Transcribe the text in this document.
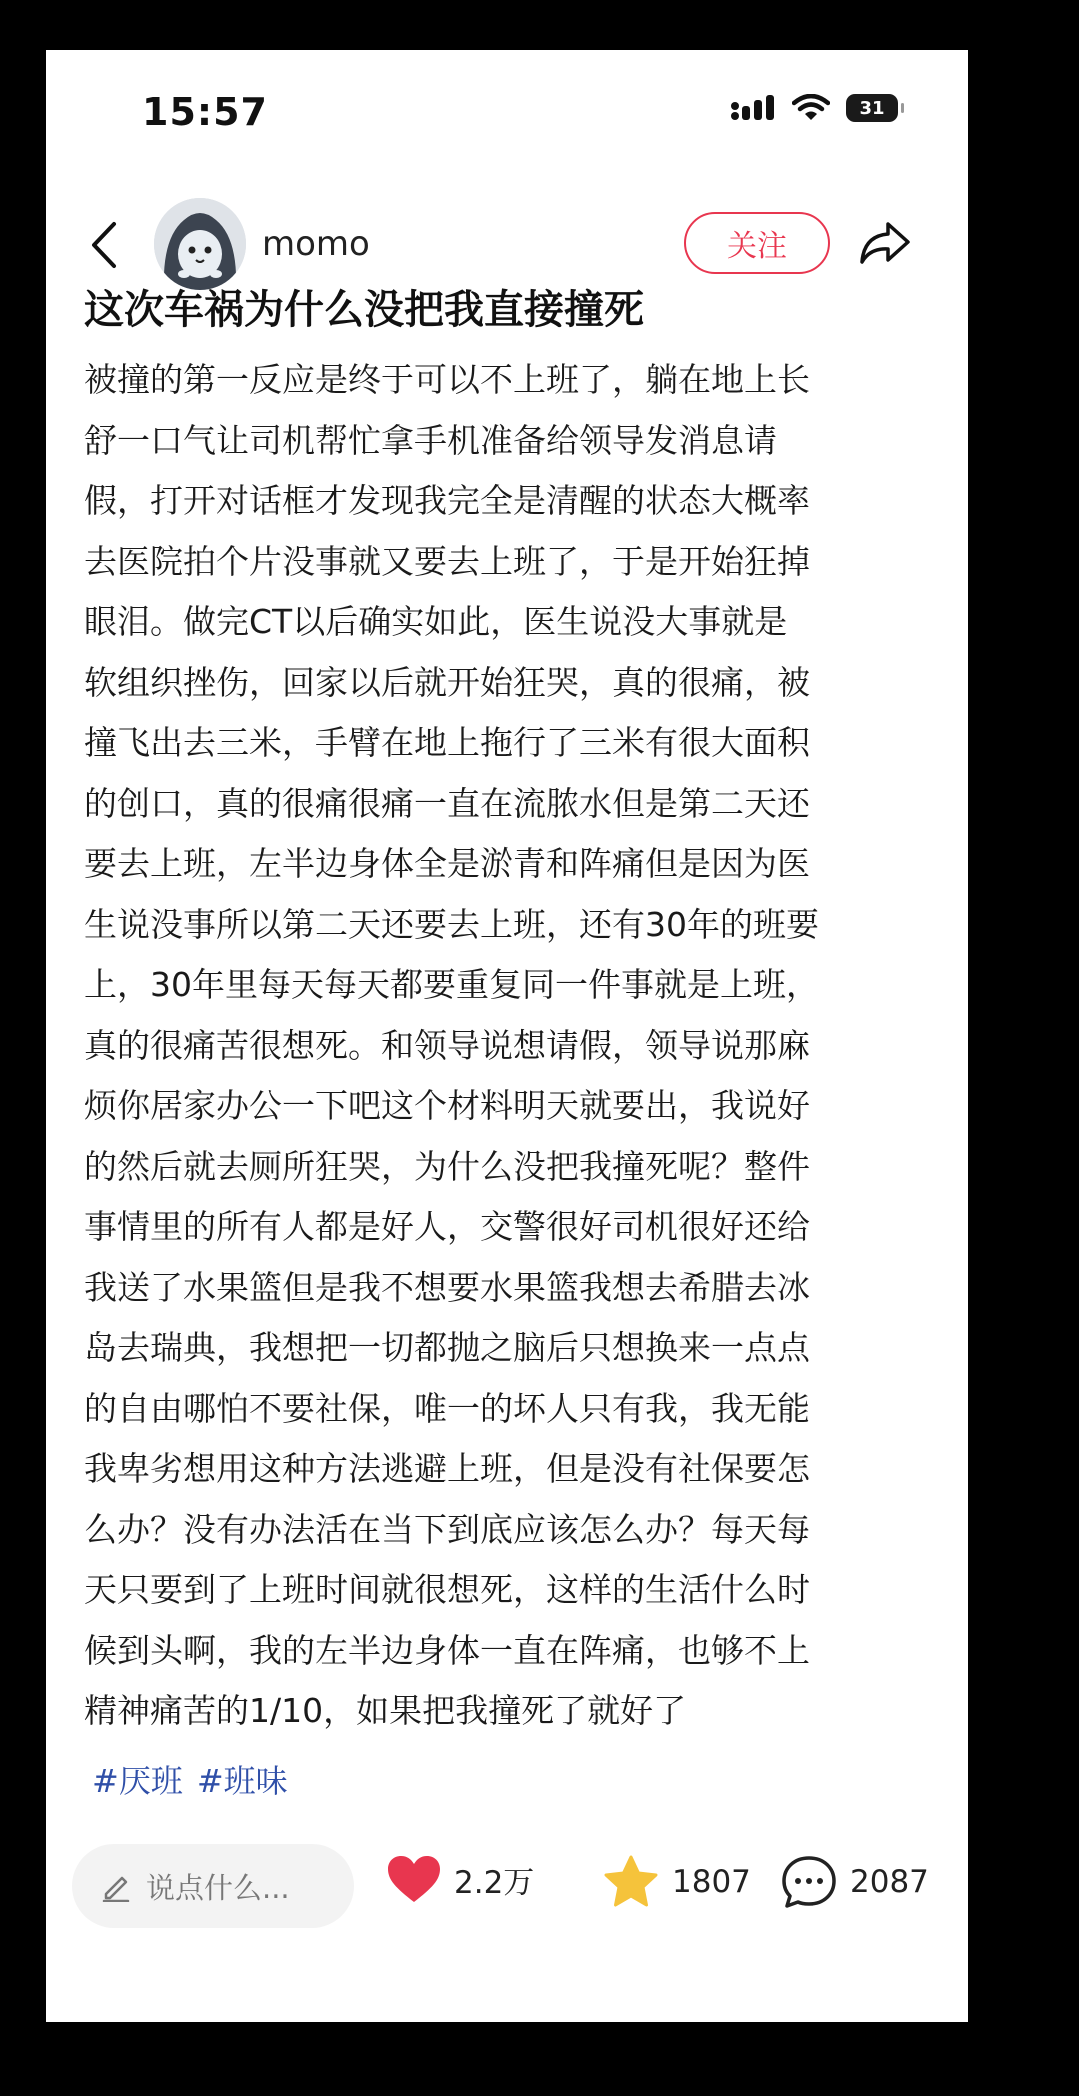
15:57	31
momo	关注
这次车祸为什么没把我直接撞死
被撞的第一反应是终于可以不上班了，躺在地上长
舒一口气让司机帮忙拿手机准备给领导发消息请
假，打开对话框才发现我完全是清醒的状态大概率
去医院拍个片没事就又要去上班了，于是开始狂掉
眼泪。做完CT以后确实如此，医生说没大事就是
软组织挫伤，回家以后就开始狂哭，真的很痛，被
撞飞出去三米，手臂在地上拖行了三米有很大面积
的创口，真的很痛很痛一直在流脓水但是第二天还
要去上班，左半边身体全是淤青和阵痛但是因为医
生说没事所以第二天还要去上班，还有30年的班要
上，30年里每天每天都要重复同一件事就是上班，
真的很痛苦很想死。和领导说想请假，领导说那麻
烦你居家办公一下吧这个材料明天就要出，我说好
的然后就去厕所狂哭，为什么没把我撞死呢？整件
事情里的所有人都是好人，交警很好司机很好还给
我送了水果篮但是我不想要水果篮我想去希腊去冰
岛去瑞典，我想把一切都抛之脑后只想换来一点点
的自由哪怕不要社保，唯一的坏人只有我，我无能
我卑劣想用这种方法逃避上班，但是没有社保要怎
么办？没有办法活在当下到底应该怎么办？每天每
天只要到了上班时间就很想死，这样的生活什么时
候到头啊，我的左半边身体一直在阵痛，也够不上
精神痛苦的1/10，如果把我撞死了就好了
#厌班 #班味
说点什么...	2.2万	1807	2087
